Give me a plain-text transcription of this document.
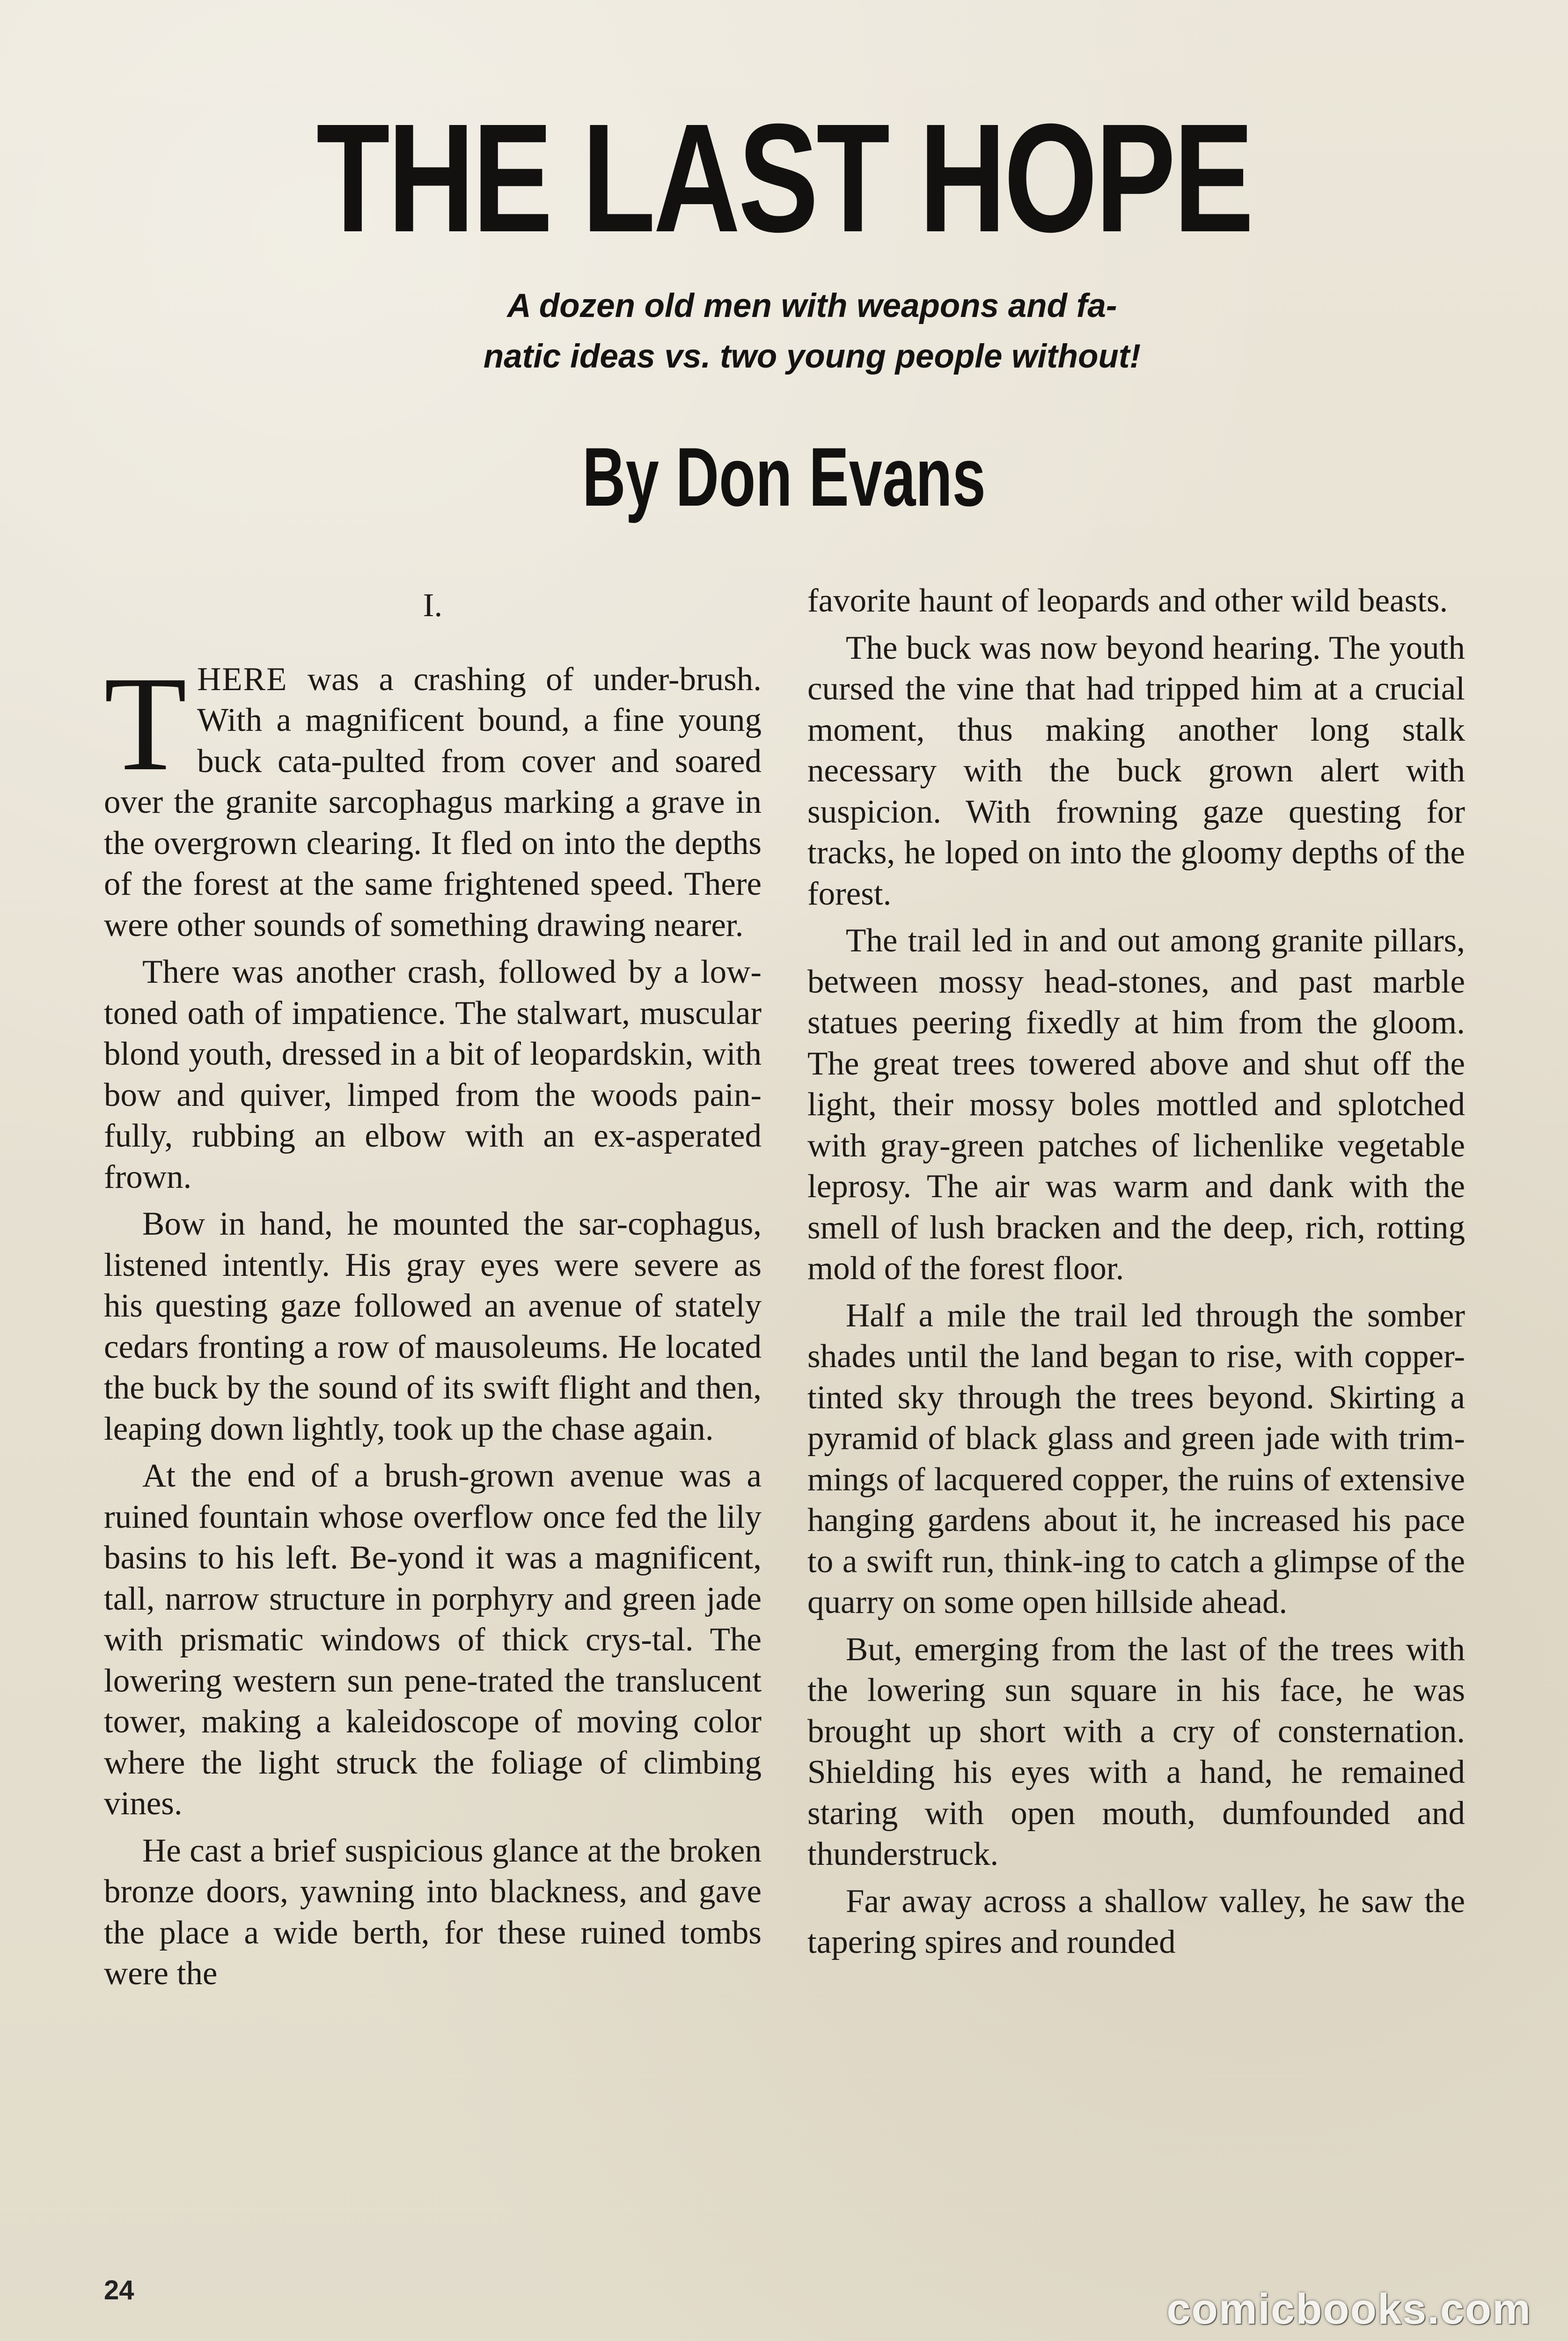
THE LAST HOPE
A dozen old men with weapons and fa-
natic ideas vs. two young people without!
By Don Evans
I.

THERE was a crashing of under-brush. With a magnificent bound, a fine young buck cata-pulted from cover and soared over the granite sarcophagus marking a grave in the overgrown clearing. It fled on into the depths of the forest at the same frightened speed. There were other sounds of something drawing nearer.

There was another crash, followed by a low-toned oath of impatience. The stalwart, muscular blond youth, dressed in a bit of leopardskin, with bow and quiver, limped from the woods pain-fully, rubbing an elbow with an ex-asperated frown.

Bow in hand, he mounted the sar-cophagus, listened intently. His gray eyes were severe as his questing gaze followed an avenue of stately cedars fronting a row of mausoleums. He located the buck by the sound of its swift flight and then, leaping down lightly, took up the chase again.

At the end of a brush-grown avenue was a ruined fountain whose overflow once fed the lily basins to his left. Be-yond it was a magnificent, tall, narrow structure in porphyry and green jade with prismatic windows of thick crys-tal. The lowering western sun pene-trated the translucent tower, making a kaleidoscope of moving color where the light struck the foliage of climbing vines.

He cast a brief suspicious glance at the broken bronze doors, yawning into blackness, and gave the place a wide berth, for these ruined tombs were the

favorite haunt of leopards and other wild beasts.

The buck was now beyond hearing. The youth cursed the vine that had tripped him at a crucial moment, thus making another long stalk necessary with the buck grown alert with suspicion. With frowning gaze questing for tracks, he loped on into the gloomy depths of the forest.

The trail led in and out among granite pillars, between mossy head-stones, and past marble statues peering fixedly at him from the gloom. The great trees towered above and shut off the light, their mossy boles mottled and splotched with gray-green patches of lichenlike vegetable leprosy. The air was warm and dank with the smell of lush bracken and the deep, rich, rotting mold of the forest floor.

Half a mile the trail led through the somber shades until the land began to rise, with copper-tinted sky through the trees beyond. Skirting a pyramid of black glass and green jade with trim-mings of lacquered copper, the ruins of extensive hanging gardens about it, he increased his pace to a swift run, think-ing to catch a glimpse of the quarry on some open hillside ahead.

But, emerging from the last of the trees with the lowering sun square in his face, he was brought up short with a cry of consternation. Shielding his eyes with a hand, he remained staring with open mouth, dumfounded and thunderstruck.

Far away across a shallow valley, he saw the tapering spires and rounded

24	comicbooks.com
